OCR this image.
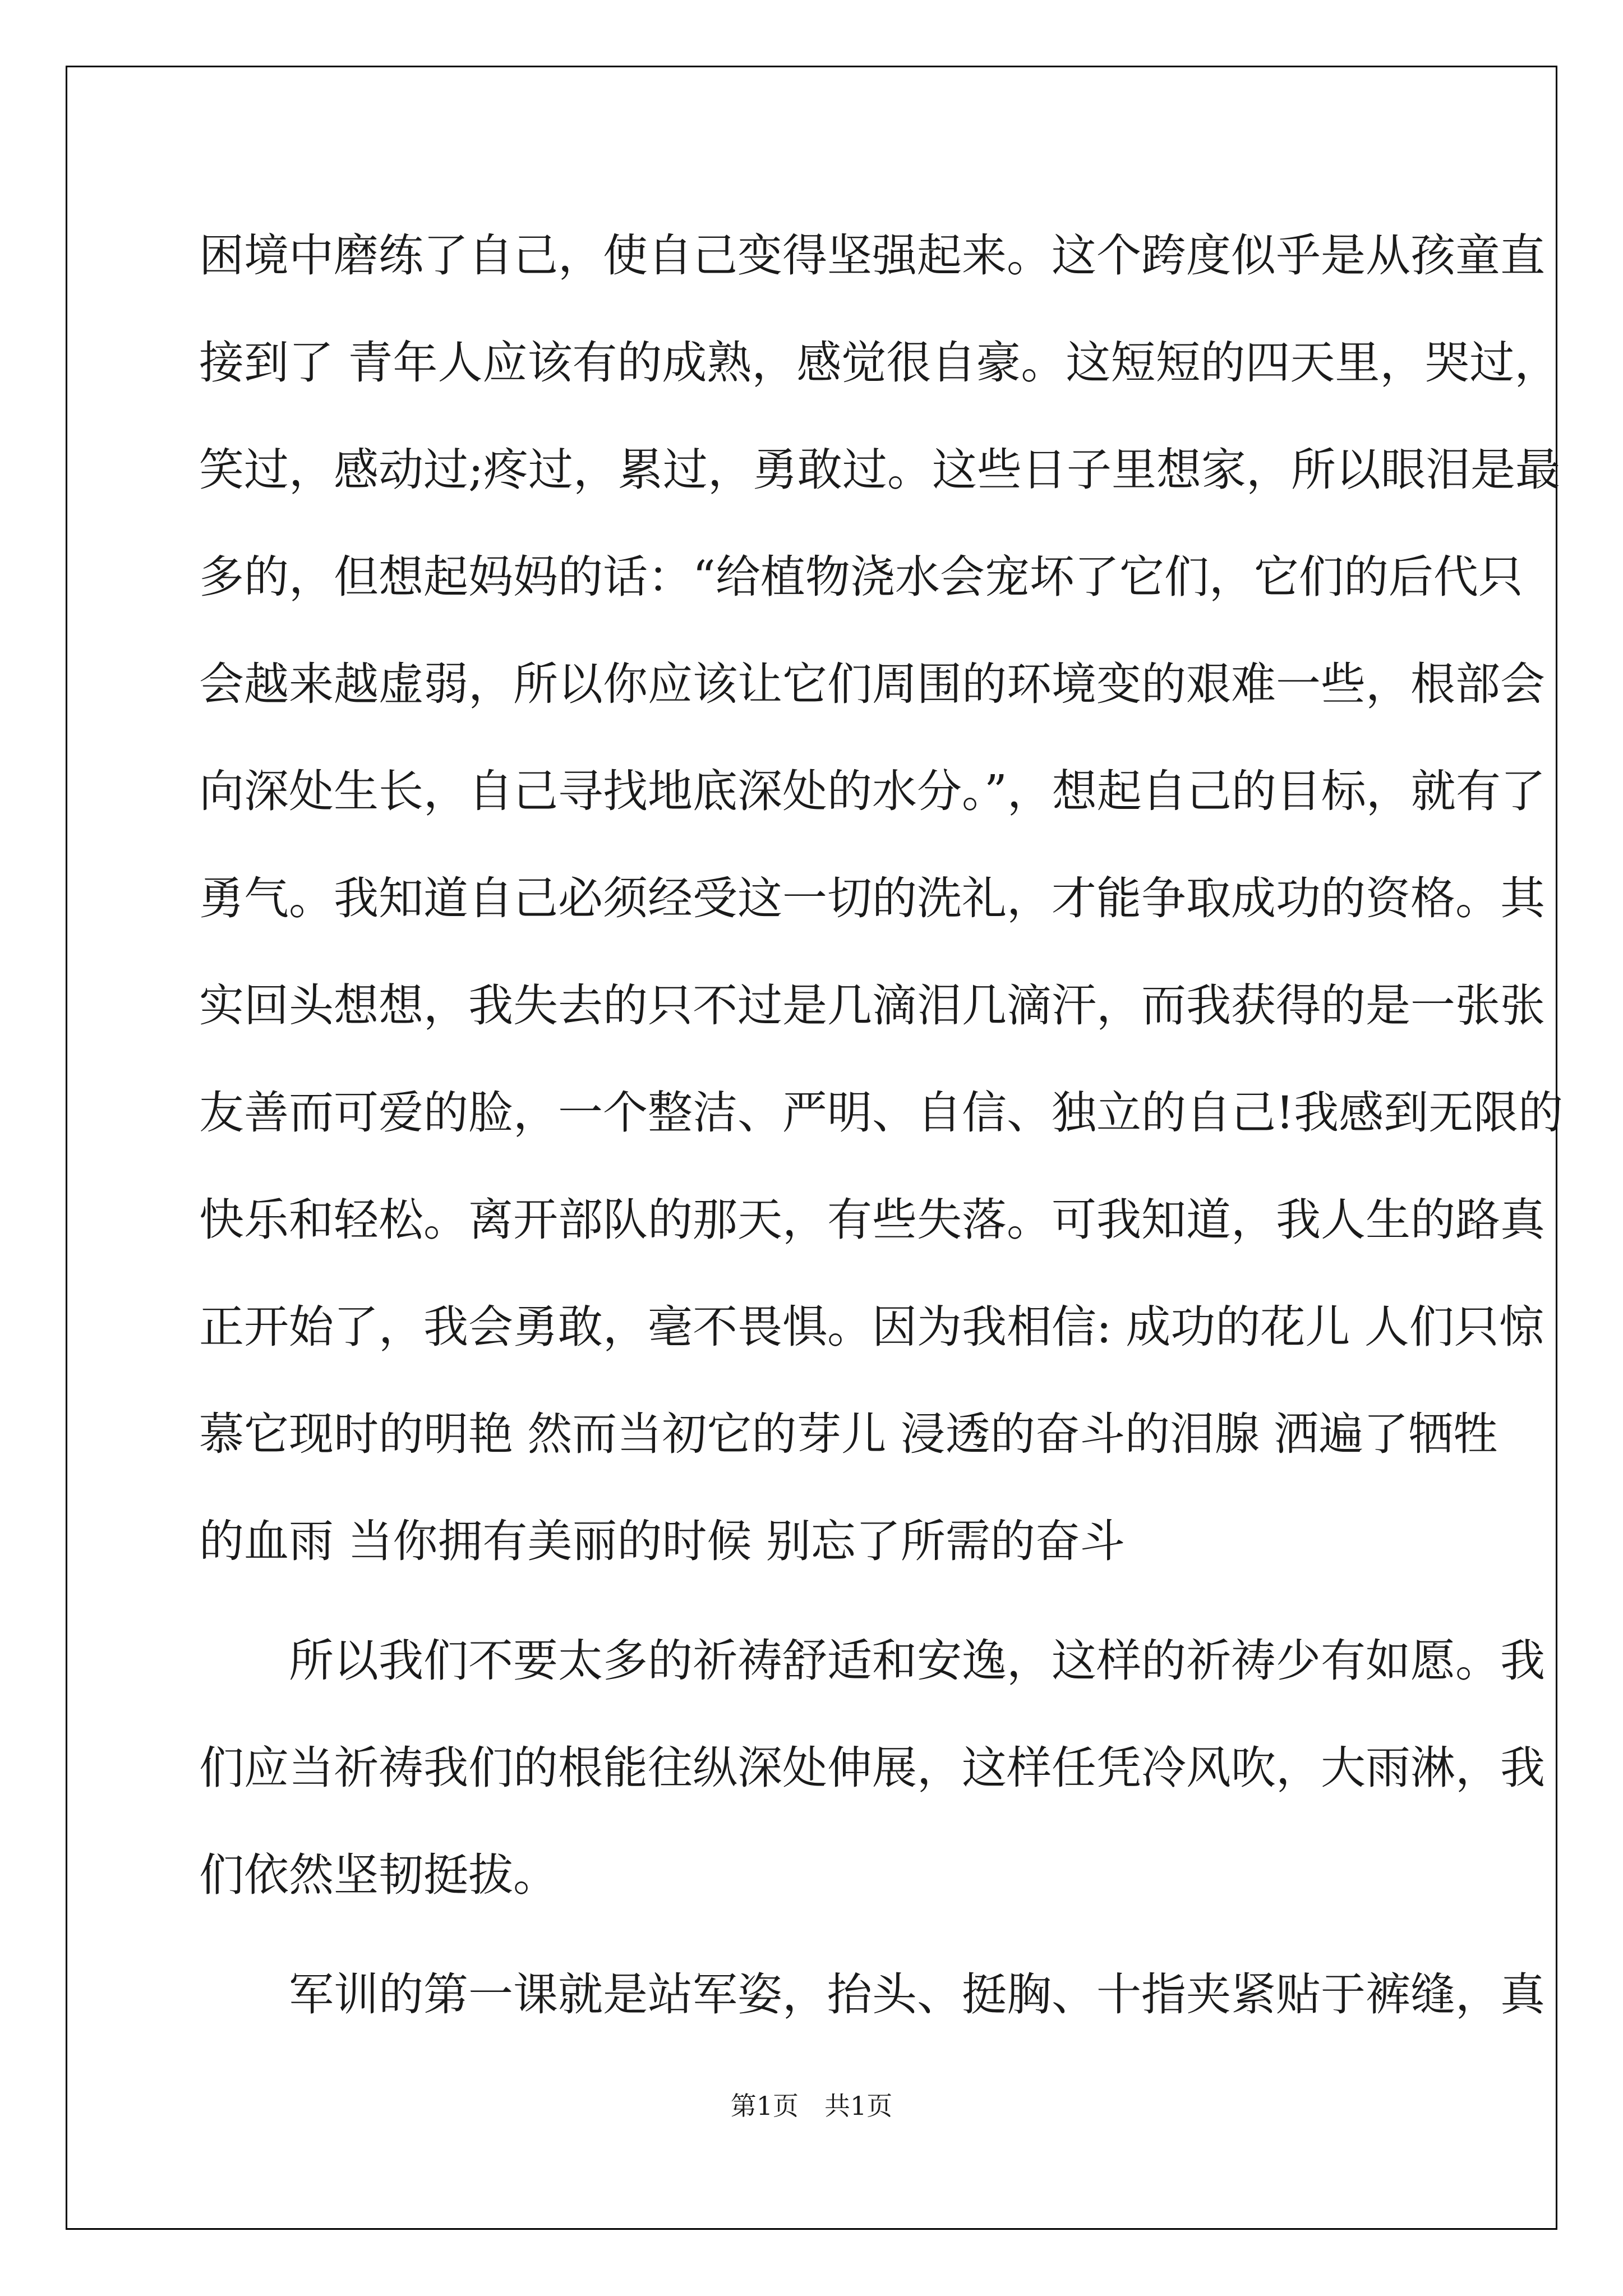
困境中磨练了自己，使自己变得坚强起来。这个跨度似乎是从孩童直
接到了 青年人应该有的成熟，感觉很自豪。这短短的四天里，哭过，
笑过，感动过;疼过，累过，勇敢过。这些日子里想家，所以眼泪是最
多的，但想起妈妈的话：“给植物浇水会宠坏了它们，它们的后代只
会越来越虚弱，所以你应该让它们周围的环境变的艰难一些，根部会
向深处生长，自己寻找地底深处的水分。”，想起自己的目标，就有了
勇气。我知道自己必须经受这一切的洗礼，才能争取成功的资格。其
实回头想想，我失去的只不过是几滴泪几滴汗，而我获得的是一张张
友善而可爱的脸，一个整洁、严明、自信、独立的自己!我感到无限的
快乐和轻松。离开部队的那天，有些失落。可我知道，我人生的路真
正开始了，我会勇敢，毫不畏惧。因为我相信: 成功的花儿 人们只惊
慕它现时的明艳 然而当初它的芽儿 浸透的奋斗的泪腺 洒遍了牺牲
的血雨 当你拥有美丽的时候 别忘了所需的奋斗
　　所以我们不要太多的祈祷舒适和安逸，这样的祈祷少有如愿。我
们应当祈祷我们的根能往纵深处伸展，这样任凭冷风吹，大雨淋，我
们依然坚韧挺拔。
　　军训的第一课就是站军姿，抬头、挺胸、十指夹紧贴于裤缝，真
第1页　共1页
